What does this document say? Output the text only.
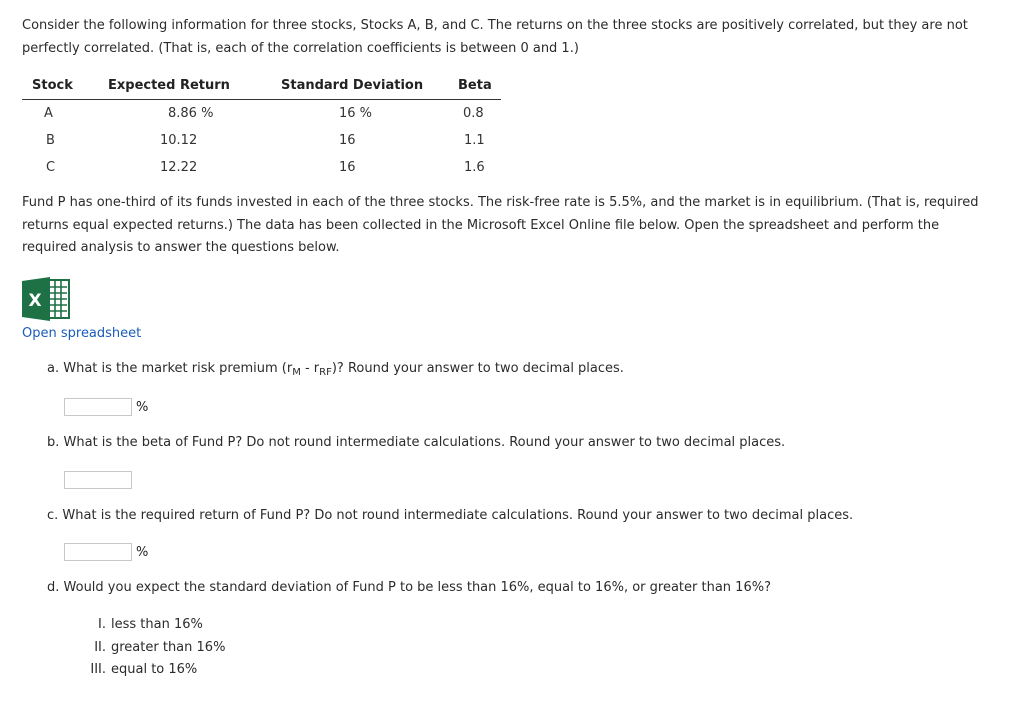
Consider the following information for three stocks, Stocks A, B, and C. The returns on the three stocks are positively correlated, but they are not perfectly correlated. (That is, each of the correlation coefficients is between 0 and 1.)

Stock	Expected Return	Standard Deviation	Beta
A	8.86 %	16 %	0.8
B	10.12	16	1.1
C	12.22	16	1.6

Fund P has one-third of its funds invested in each of the three stocks. The risk-free rate is 5.5%, and the market is in equilibrium. (That is, required returns equal expected returns.) The data has been collected in the Microsoft Excel Online file below. Open the spreadsheet and perform the required analysis to answer the questions below.

X
Open spreadsheet

a. What is the market risk premium $(r_M - r_{RF})$? Round your answer to two decimal places.

%

b. What is the beta of Fund P? Do not round intermediate calculations. Round your answer to two decimal places.

c. What is the required return of Fund P? Do not round intermediate calculations. Round your answer to two decimal places.

%

d. Would you expect the standard deviation of Fund P to be less than 16%, equal to 16%, or greater than 16%?

I. less than 16%
II. greater than 16%
III. equal to 16%
